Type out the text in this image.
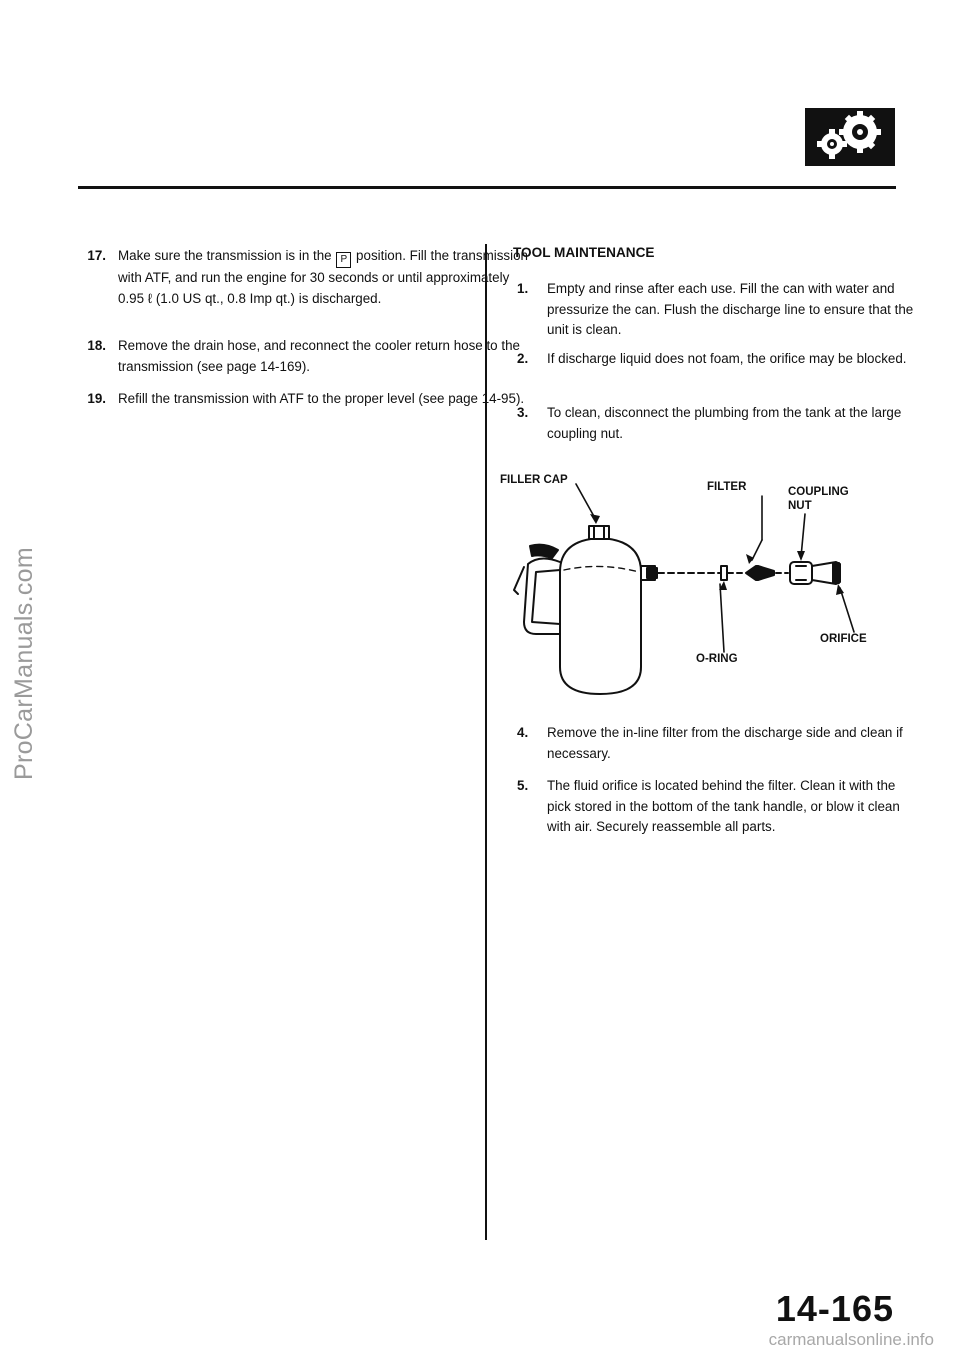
ProCarManuals.com
17. Make sure the transmission is in the P position. Fill the transmission with ATF, and run the engine for 30 seconds or until approximately 0.95 ℓ (1.0 US qt., 0.8 Imp qt.) is discharged.
18. Remove the drain hose, and reconnect the cooler return hose to the transmission (see page 14-169).
19. Refill the transmission with ATF to the proper level (see page 14-95).
TOOL MAINTENANCE
1.	Empty and rinse after each use. Fill the can with water and pressurize the can. Flush the discharge line to ensure that the unit is clean.
2.	If discharge liquid does not foam, the orifice may be blocked.
3.	To clean, disconnect the plumbing from the tank at the large coupling nut.
FILLER CAP
FILTER	COUPLING
NUT
ORIFICE
O-RING
4.	Remove the in-line filter from the discharge side and clean if necessary.
5.	The fluid orifice is located behind the filter. Clean it with the pick stored in the bottom of the tank handle, or blow it clean with air. Securely reassemble all parts.
14-165
carmanualsonline.info
